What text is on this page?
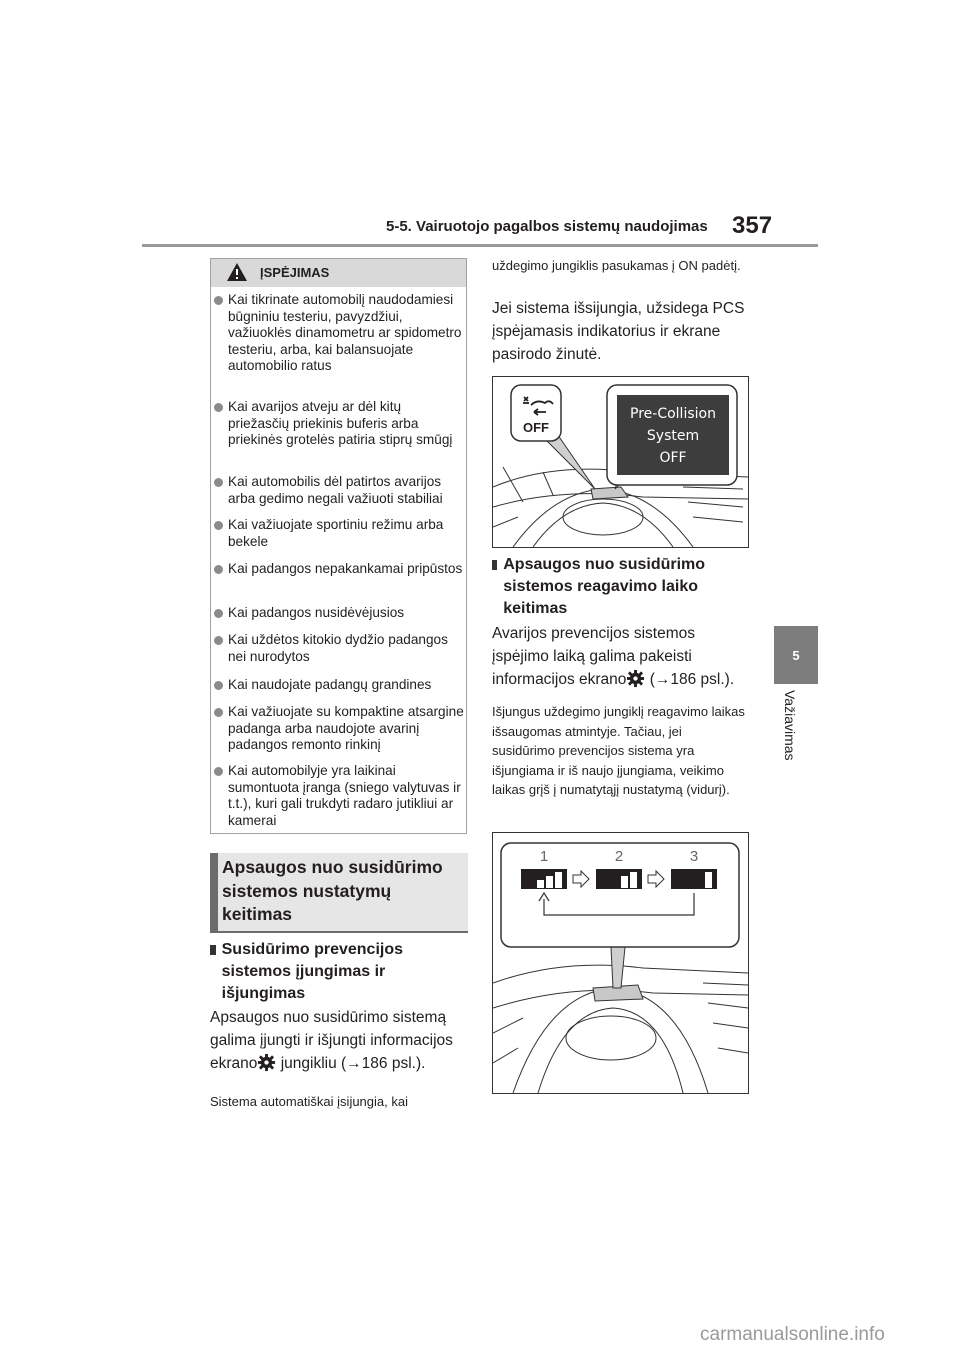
5-5. Vairuotojo pagalbos sistemų naudojimas 357
5
Važiavimas
ĮSPĖJIMAS
Kai tikrinate automobilį naudodamiesi būgniniu testeriu, pavyzdžiui, važiuoklės dinamometru ar spidometro testeriu, arba, kai balansuojate automobilio ratus
Kai avarijos atveju ar dėl kitų priežasčių priekinis buferis arba priekinės grotelės patiria stiprų smūgį
Kai automobilis dėl patirtos avarijos arba gedimo negali važiuoti stabiliai
Kai važiuojate sportiniu režimu arba bekele
Kai padangos nepakankamai pripūstos
Kai padangos nusidėvėjusios
Kai uždėtos kitokio dydžio padangos nei nurodytos
Kai naudojate padangų grandines
Kai važiuojate su kompaktine atsargine padanga arba naudojote avarinį padangos remonto rinkinį
Kai automobilyje yra laikinai sumontuota įranga (sniego valytuvas ir t.t.), kuri gali trukdyti radaro jutikliui ar kamerai
Apsaugos nuo susidūrimo sistemos nustatymų keitimas
Susidūrimo prevencijos sistemos įjungimas ir išjungimas
Apsaugos nuo susidūrimo sistemą galima įjungti ir išjungti informacijos ekrano jungikliu (→186 psl.).
Sistema automatiškai įsijungia, kai
uždegimo jungiklis pasukamas į ON padėtį.
Jei sistema išsijungia, užsidega PCS įspėjamasis indikatorius ir ekrane pasirodo žinutė.
OFF
Pre-Collision
System
OFF
Apsaugos nuo susidūrimo sistemos reagavimo laiko keitimas
Avarijos prevencijos sistemos įspėjimo laiką galima pakeisti informacijos ekrano (→186 psl.).
Išjungus uždegimo jungiklį reagavimo laikas išsaugomas atmintyje. Tačiau, jei susidūrimo prevencijos sistema yra išjungiama ir iš naujo įjungiama, veikimo laikas grįš į numatytąjį nustatymą (vidurį).
1	2	3
carmanualsonline.info
